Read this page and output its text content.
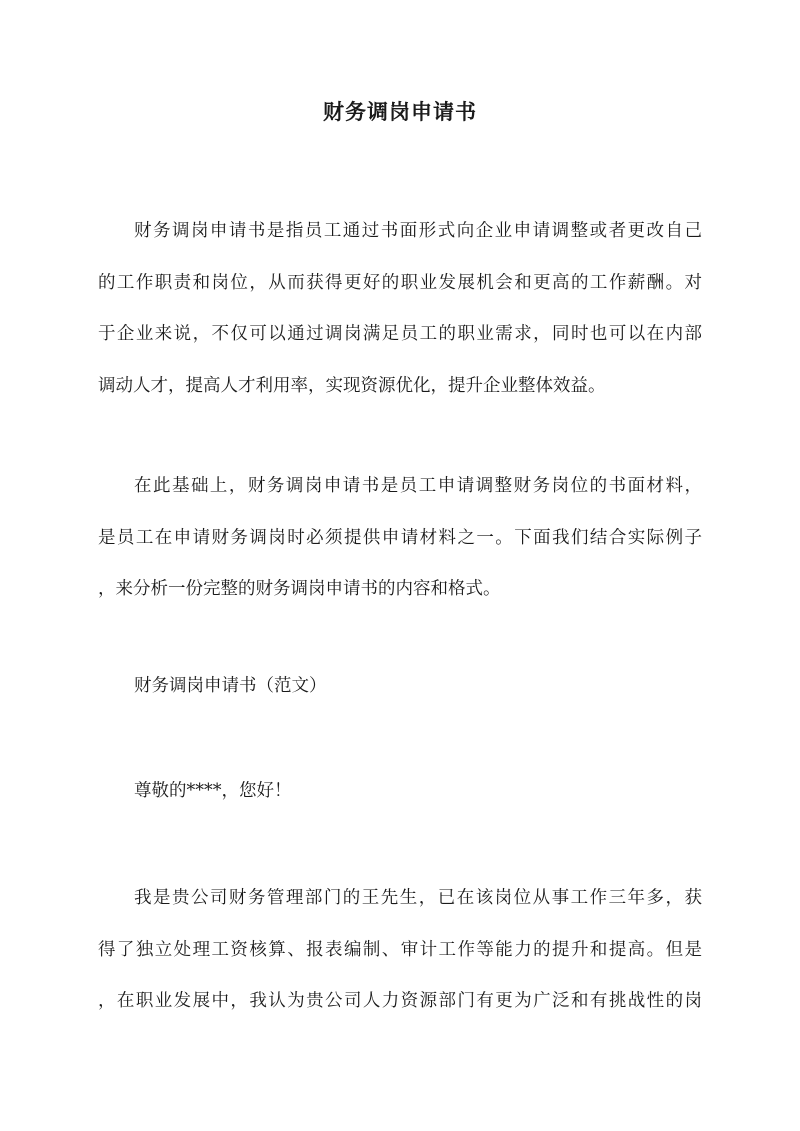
财务调岗申请书
财务调岗申请书是指员工通过书面形式向企业申请调整或者更改自己
的工作职责和岗位，从而获得更好的职业发展机会和更高的工作薪酬。对
于企业来说，不仅可以通过调岗满足员工的职业需求，同时也可以在内部
调动人才，提高人才利用率，实现资源优化，提升企业整体效益。
在此基础上，财务调岗申请书是员工申请调整财务岗位的书面材料，
是员工在申请财务调岗时必须提供申请材料之一。下面我们结合实际例子
，来分析一份完整的财务调岗申请书的内容和格式。
财务调岗申请书（范文）
尊敬的****，您好！
我是贵公司财务管理部门的王先生，已在该岗位从事工作三年多，获
得了独立处理工资核算、报表编制、审计工作等能力的提升和提高。但是
，在职业发展中，我认为贵公司人力资源部门有更为广泛和有挑战性的岗
